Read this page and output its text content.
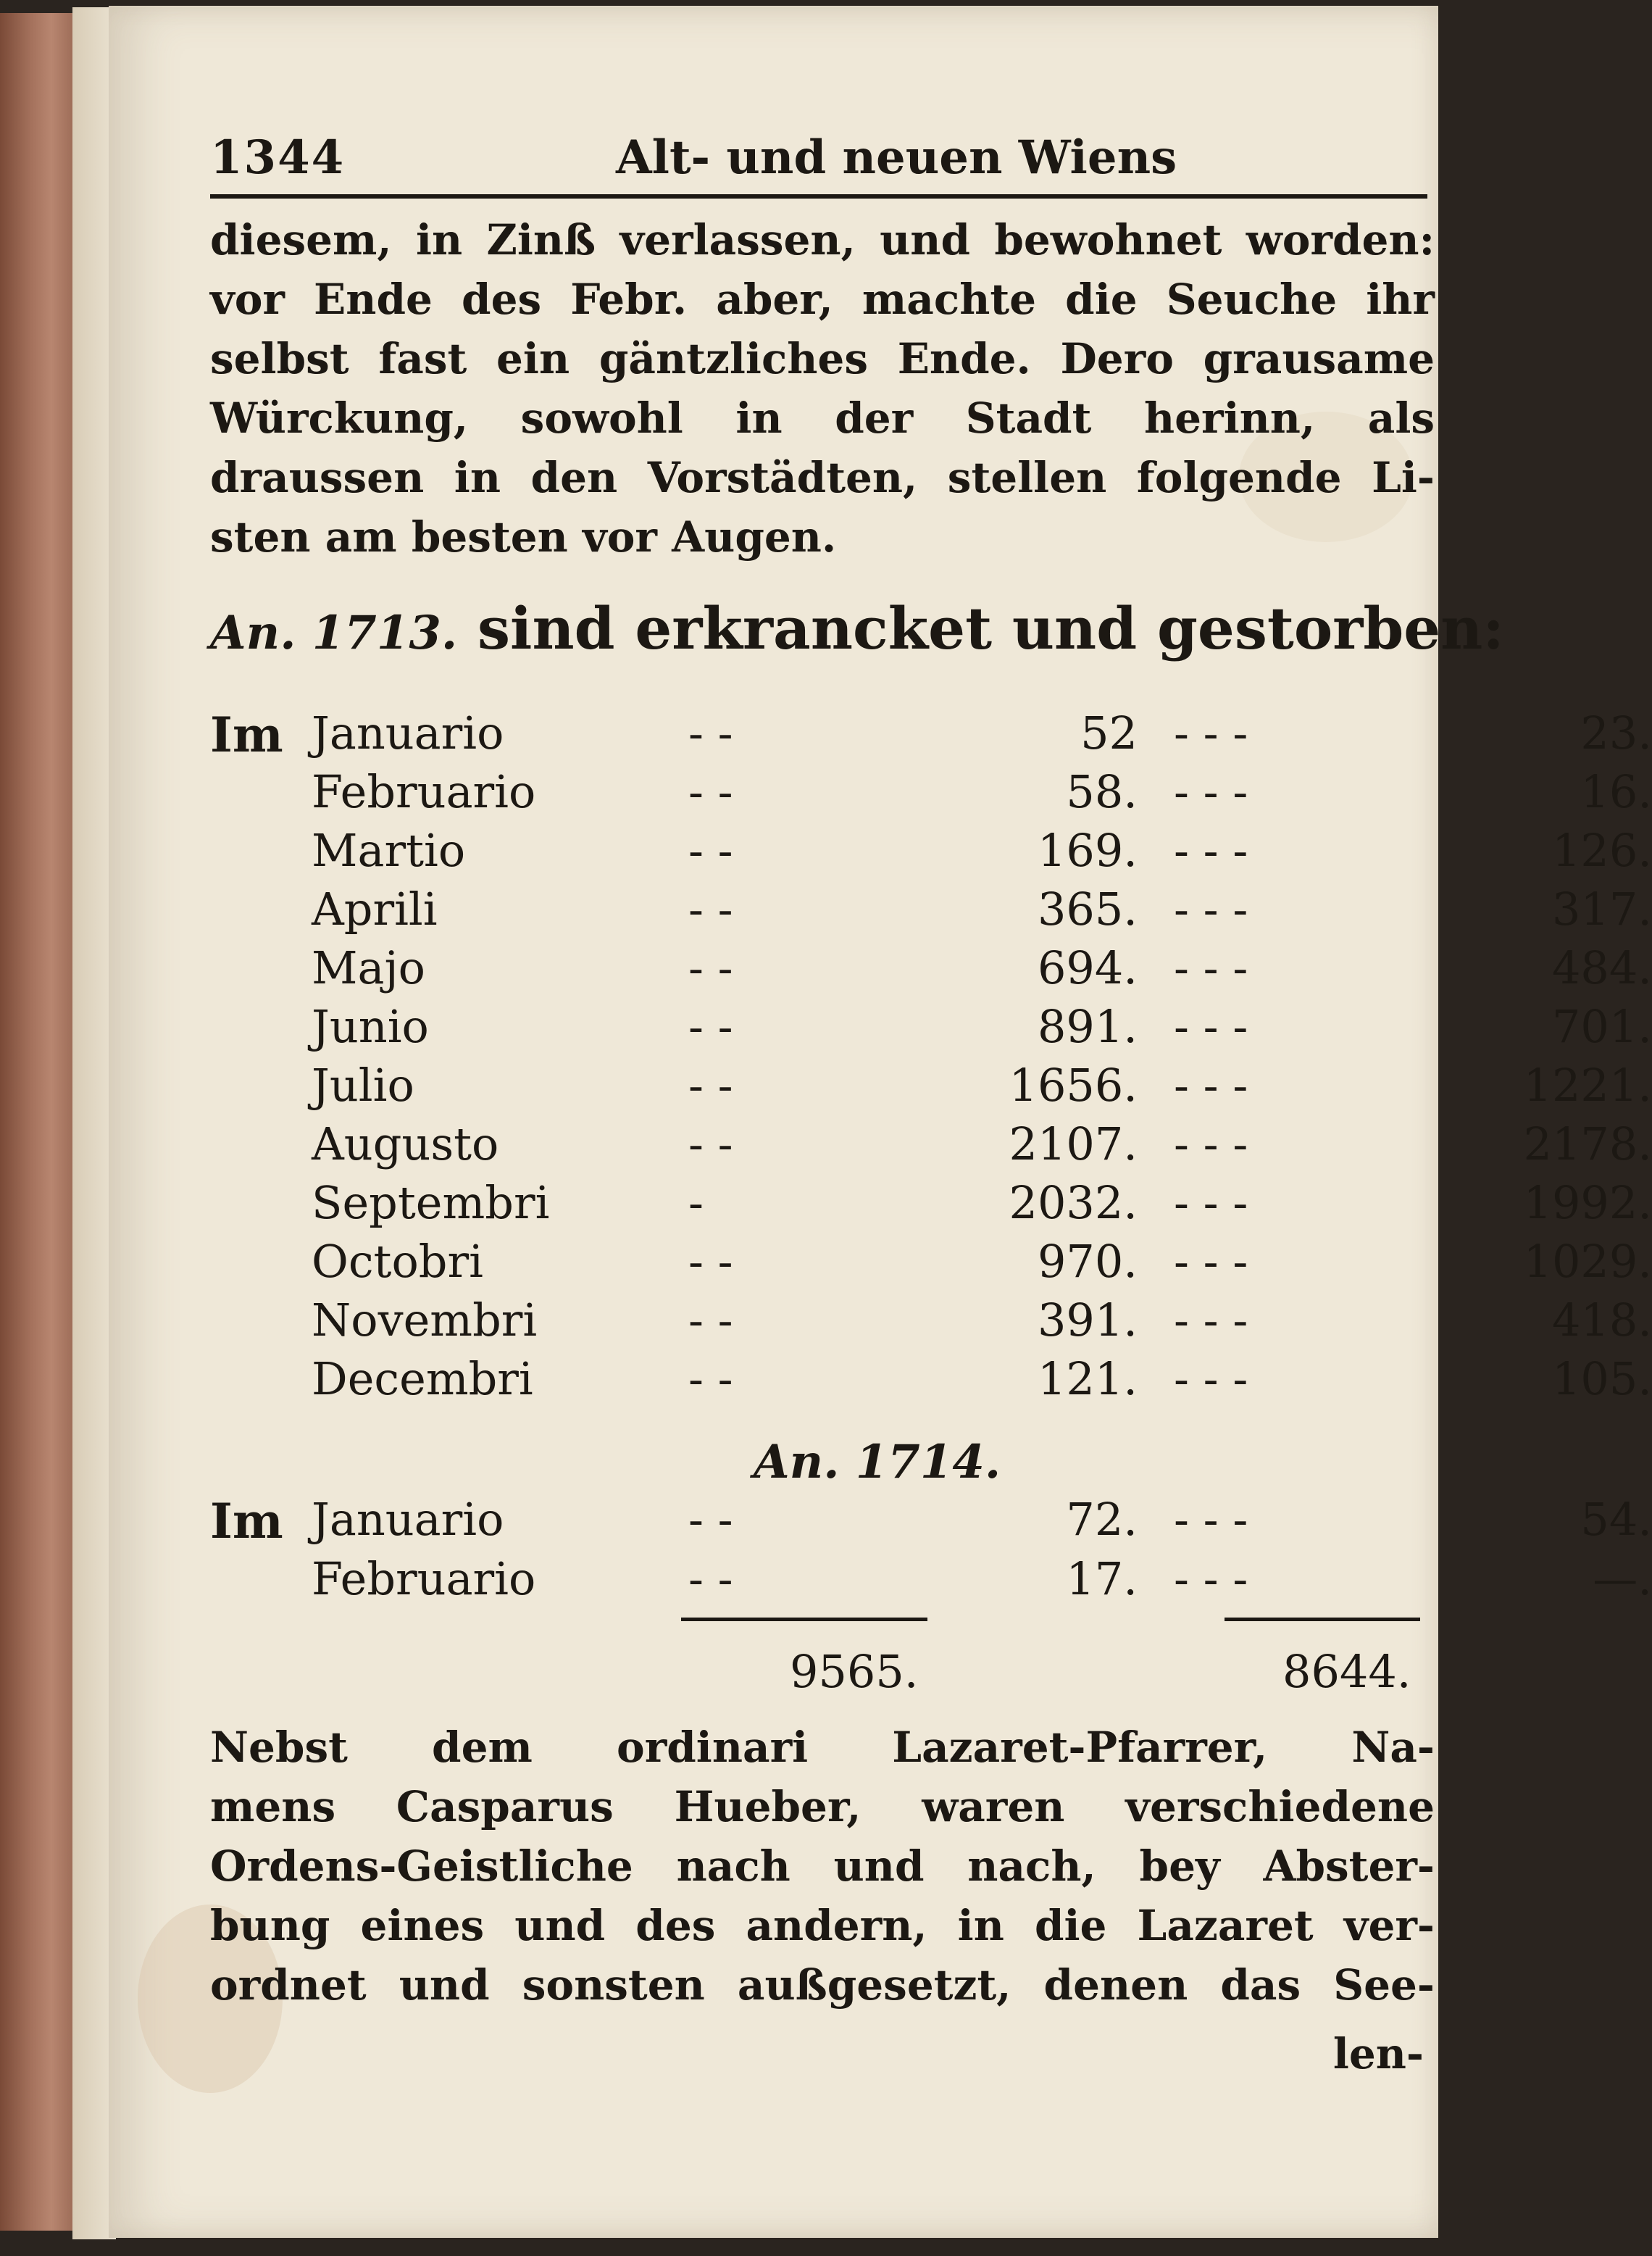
1344	Alt- und neuen Wiens
diesem, in Zinß verlassen, und bewohnet worden:
vor Ende des Febr. aber, machte die Seuche ihr
selbst fast ein gäntzliches Ende. Dero grausame
Würckung, sowohl in der Stadt herinn, als
draussen in den Vorstädten, stellen folgende Li-
sten am besten vor Augen.
An. 1713. sind erkrancket und gestorben:
Im Januario	- -	52 - - -	23.
Februario	- -	58. - - -	16.
Martio	- -	169. - - -	126.
Aprili	- -	365. - - -	317.
Majo	- -	694. - - -	484.
Junio	- -	891. - - -	701.
Julio	- -	1656. - - -	1221.
Augusto	- -	2107. - - -	2178.
Septembri	-	2032. - - -	1992.
Octobri	- -	970. - - -	1029.
Novembri	- -	391. - - -	418.
Decembri	- -	121. - - -	105.
An. 1714.
Im Januario	- -	72. - - -	54.
Februario	- -	17. - - -	—.
9565.	8644.
Nebst dem ordinari Lazaret-Pfarrer, Na-
mens Casparus Hueber, waren verschiedene
Ordens-Geistliche nach und nach, bey Abster-
bung eines und des andern, in die Lazaret ver-
ordnet und sonsten außgesetzt, denen das See-
len-
